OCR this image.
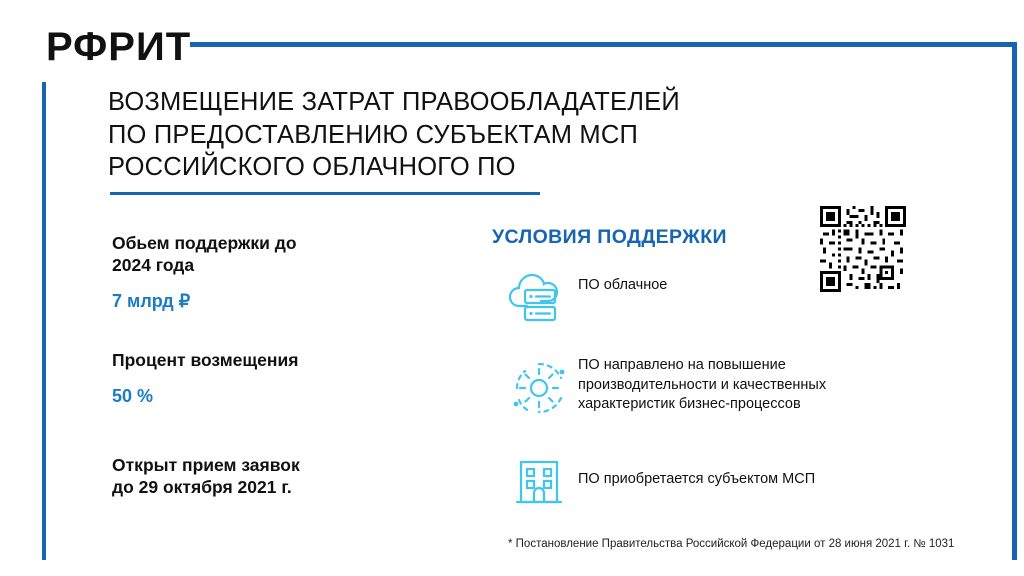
РФРИТ
ВОЗМЕЩЕНИЕ ЗАТРАТ ПРАВООБЛАДАТЕЛЕЙ
ПО ПРЕДОСТАВЛЕНИЮ СУБЪЕКТАМ МСП
РОССИЙСКОГО ОБЛАЧНОГО ПО
Обьем поддержки до
2024 года
7 млрд ₽
Процент возмещения
50 %
Открыт прием заявок
до 29 октября 2021 г.
УСЛОВИЯ ПОДДЕРЖКИ
ПО облачное
ПО направлено на повышение производительности и качественных характеристик бизнес-процессов
ПО приобретается субъектом МСП
* Постановление Правительства Российской Федерации от 28 июня 2021 г. № 1031
